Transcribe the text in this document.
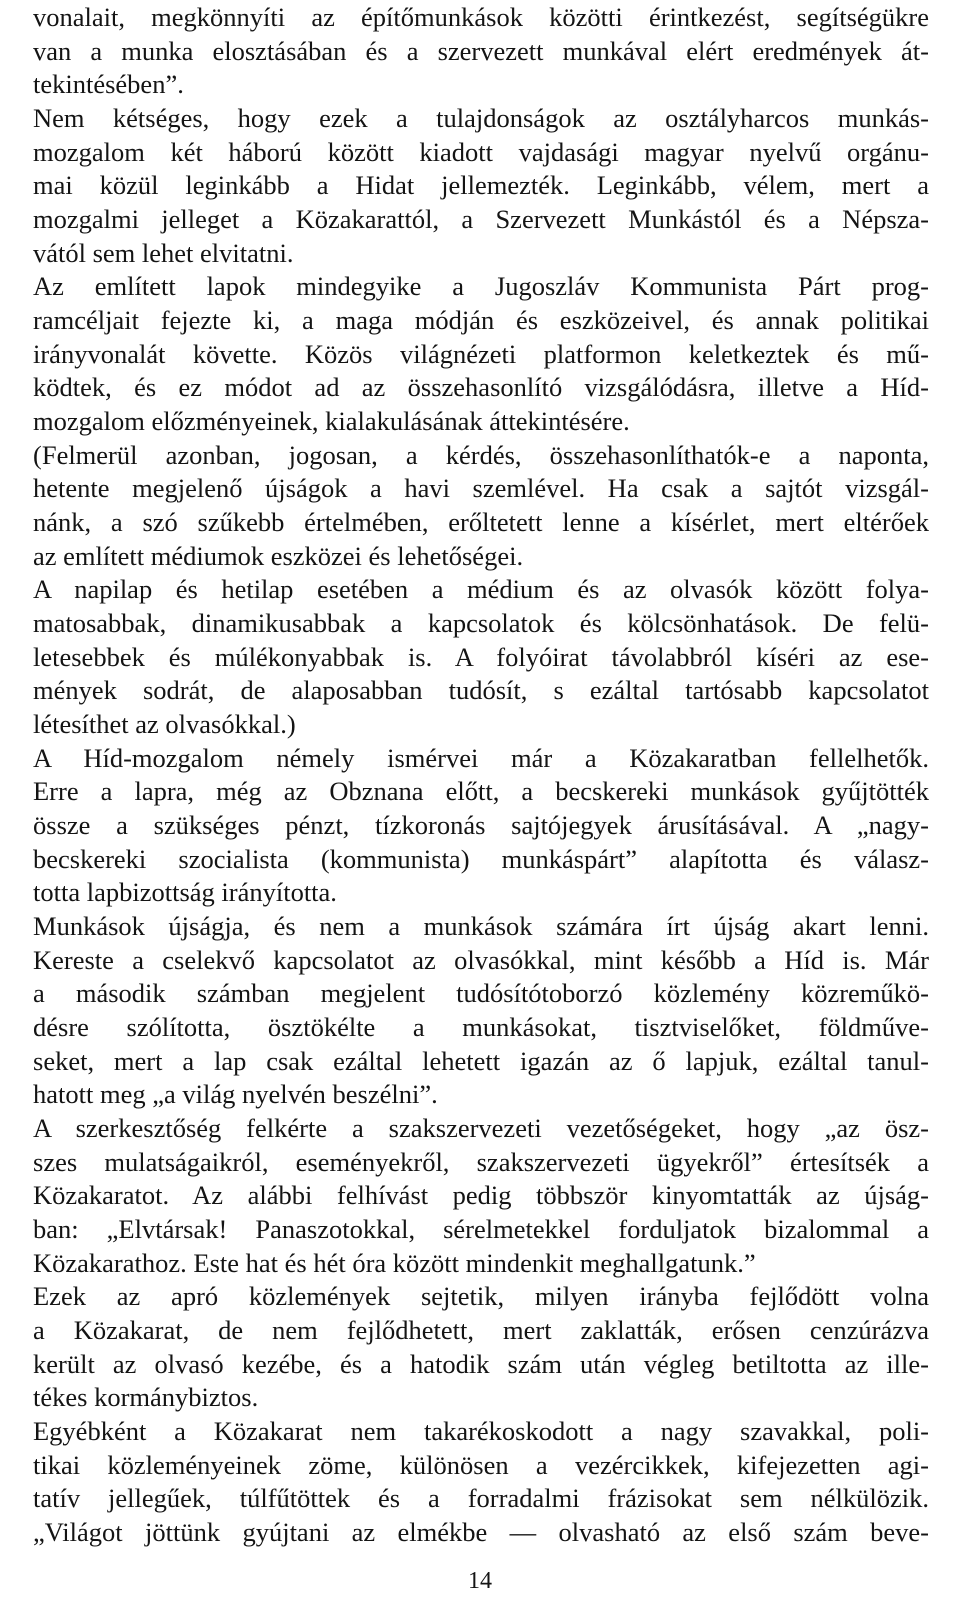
vonalait, megkönnyíti az építőmunkások közötti érintkezést, segítségükre
van a munka elosztásában és a szervezett munkával elért eredmények át-
tekintésében”.
Nem kétséges, hogy ezek a tulajdonságok az osztályharcos munkás-
mozgalom két háború között kiadott vajdasági magyar nyelvű orgánu-
mai közül leginkább a Hidat jellemezték. Leginkább, vélem, mert a
mozgalmi jelleget a Közakarattól, a Szervezett Munkástól és a Népsza-
vától sem lehet elvitatni.
Az említett lapok mindegyike a Jugoszláv Kommunista Párt prog-
ramcéljait fejezte ki, a maga módján és eszközeivel, és annak politikai
irányvonalát követte. Közös világnézeti platformon keletkeztek és mű-
ködtek, és ez módot ad az összehasonlító vizsgálódásra, illetve a Híd-
mozgalom előzményeinek, kialakulásának áttekintésére.
(Felmerül azonban, jogosan, a kérdés, összehasonlíthatók-e a naponta,
hetente megjelenő újságok a havi szemlével. Ha csak a sajtót vizsgál-
nánk, a szó szűkebb értelmében, erőltetett lenne a kísérlet, mert eltérőek
az említett médiumok eszközei és lehetőségei.
A napilap és hetilap esetében a médium és az olvasók között folya-
matosabbak, dinamikusabbak a kapcsolatok és kölcsönhatások. De felü-
letesebbek és múlékonyabbak is. A folyóirat távolabbról kíséri az ese-
mények sodrát, de alaposabban tudósít, s ezáltal tartósabb kapcsolatot
létesíthet az olvasókkal.)
A Híd-mozgalom némely ismérvei már a Közakaratban fellelhetők.
Erre a lapra, még az Obznana előtt, a becskereki munkások gyűjtötték
össze a szükséges pénzt, tízkoronás sajtójegyek árusításával. A „nagy-
becskereki szocialista (kommunista) munkáspárt” alapította és válasz-
totta lapbizottság irányította.
Munkások újságja, és nem a munkások számára írt újság akart lenni.
Kereste a cselekvő kapcsolatot az olvasókkal, mint később a Híd is. Már
a második számban megjelent tudósítótoborzó közlemény közreműkö-
désre szólította, ösztökélte a munkásokat, tisztviselőket, földműve-
seket, mert a lap csak ezáltal lehetett igazán az ő lapjuk, ezáltal tanul-
hatott meg „a világ nyelvén beszélni”.
A szerkesztőség felkérte a szakszervezeti vezetőségeket, hogy „az ösz-
szes mulatságaikról, eseményekről, szakszervezeti ügyekről” értesítsék a
Közakaratot. Az alábbi felhívást pedig többször kinyomtatták az újság-
ban: „Elvtársak! Panaszotokkal, sérelmetekkel forduljatok bizalommal a
Közakarathoz. Este hat és hét óra között mindenkit meghallgatunk.”
Ezek az apró közlemények sejtetik, milyen irányba fejlődött volna
a Közakarat, de nem fejlődhetett, mert zaklatták, erősen cenzúrázva
került az olvasó kezébe, és a hatodik szám után végleg betiltotta az ille-
tékes kormánybiztos.
Egyébként a Közakarat nem takarékoskodott a nagy szavakkal, poli-
tikai közleményeinek zöme, különösen a vezércikkek, kifejezetten agi-
tatív jellegűek, túlfűtöttek és a forradalmi frázisokat sem nélkülözik.
„Világot jöttünk gyújtani az elmékbe — olvasható az első szám beve-
14
